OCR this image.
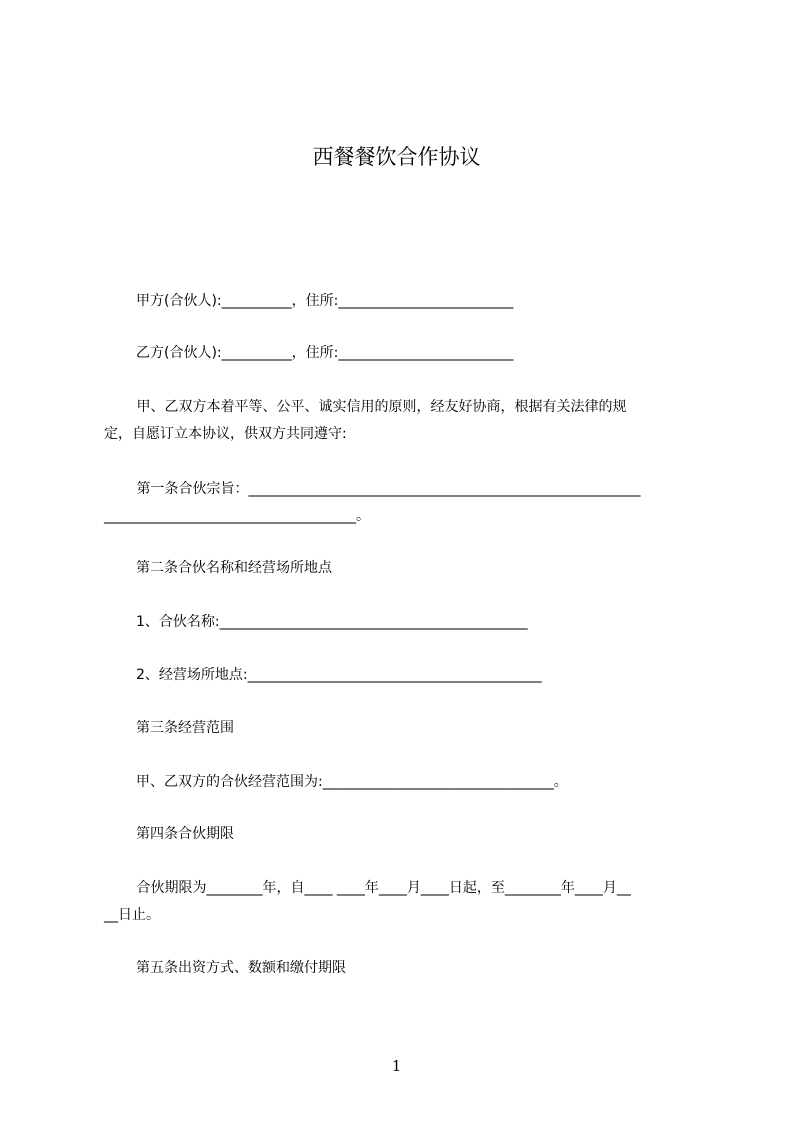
西餐餐饮合作协议
甲方(合伙人):__________，住所:_________________________
乙方(合伙人):__________，住所:_________________________
甲、乙双方本着平等、公平、诚实信用的原则，经友好协商，根据有关法律的规
定，自愿订立本协议，供双方共同遵守:
第一条合伙宗旨：________________________________________________________
____________________________________。
第二条合伙名称和经营场所地点
1、合伙名称:____________________________________________
2、经营场所地点:__________________________________________
第三条经营范围
甲、乙双方的合伙经营范围为:_________________________________。
第四条合伙期限
合伙期限为________年，自____ ____年____月____日起，至________年____月__
__日止。
第五条出资方式、数额和缴付期限
1
